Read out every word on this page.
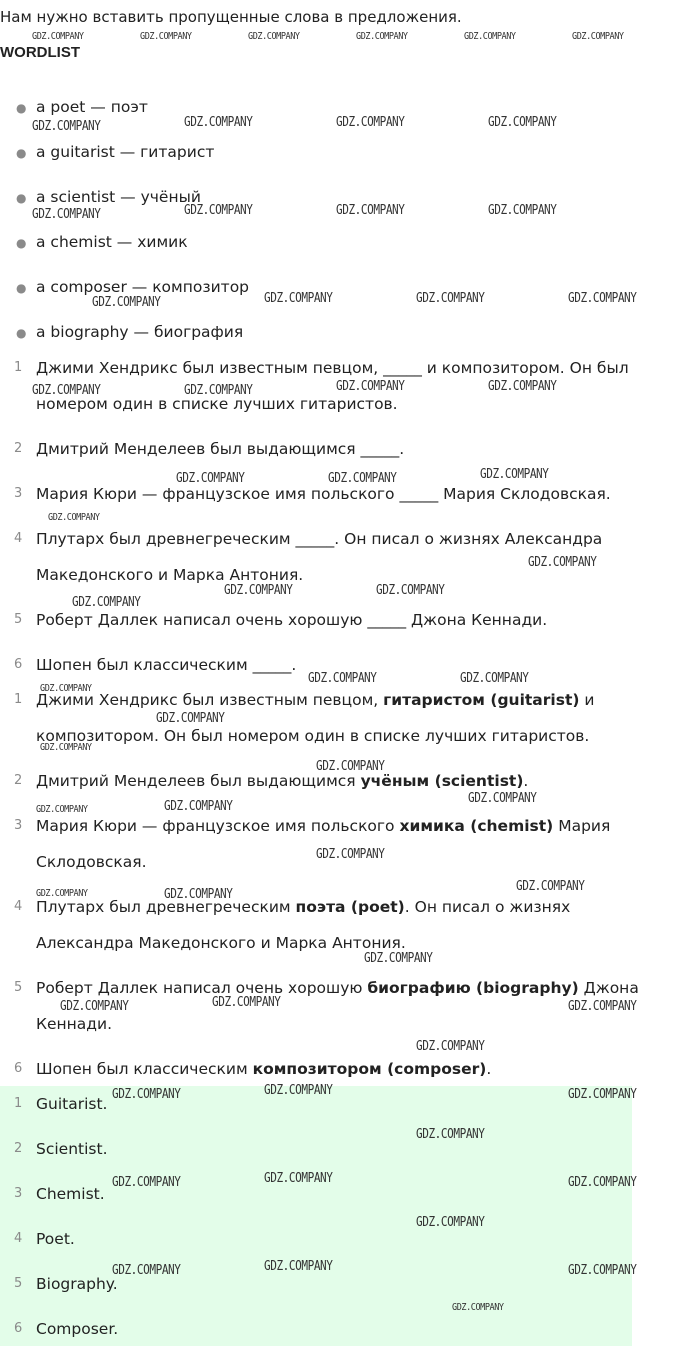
Нам нужно вставить пропущенные слова в предложения.
WORDLIST
● a poet — поэт
● a guitarist — гитарист
● a scientist — учёный
● a chemist — химик
● a composer — композитор
● a biography — биография
1 Джими Хендрикс был известным певцом, _____ и композитором. Он был
номером один в списке лучших гитаристов.
2 Дмитрий Менделеев был выдающимся _____.
3 Мария Кюри — французское имя польского _____ Мария Склодовская.
4 Плутарх был древнегреческим _____. Он писал о жизнях Александра
Македонского и Марка Антония.
5 Роберт Даллек написал очень хорошую _____ Джона Кеннади.
6 Шопен был классическим _____.
1 Джими Хендрикс был известным певцом, гитаристом (guitarist) и
композитором. Он был номером один в списке лучших гитаристов.
2 Дмитрий Менделеев был выдающимся учёным (scientist).
3 Мария Кюри — французское имя польского химика (chemist) Мария
Склодовская.
4 Плутарх был древнегреческим поэта (poet). Он писал о жизнях
Александра Македонского и Марка Антония.
5 Роберт Даллек написал очень хорошую биографию (biography) Джона
Кеннади.
6 Шопен был классическим композитором (composer).
1 Guitarist.
2 Scientist.
3 Chemist.
4 Poet.
5 Biography.
6 Composer.
GDZ.COMPANY	GDZ.COMPANY	GDZ.COMPANY	GDZ.COMPANY	GDZ.COMPANY	GDZ.COMPANY
GDZ.COMPANY	GDZ.COMPANY	GDZ.COMPANY	GDZ.COMPANY
GDZ.COMPANY	GDZ.COMPANY	GDZ.COMPANY	GDZ.COMPANY
GDZ.COMPANY	GDZ.COMPANY	GDZ.COMPANY	GDZ.COMPANY
GDZ.COMPANY	GDZ.COMPANY	GDZ.COMPANY	GDZ.COMPANY
GDZ.COMPANY	GDZ.COMPANY	GDZ.COMPANY
GDZ.COMPANY
GDZ.COMPANY
GDZ.COMPANY
GDZ.COMPANY	GDZ.COMPANY
GDZ.COMPANY	GDZ.COMPANY
GDZ.COMPANY
GDZ.COMPANY
GDZ.COMPANY
GDZ.COMPANY
GDZ.COMPANY
GDZ.COMPANY	GDZ.COMPANY
GDZ.COMPANY
GDZ.COMPANY
GDZ.COMPANY	GDZ.COMPANY
GDZ.COMPANY
GDZ.COMPANY	GDZ.COMPANY	GDZ.COMPANY
GDZ.COMPANY
GDZ.COMPANY	GDZ.COMPANY	GDZ.COMPANY
GDZ.COMPANY
GDZ.COMPANY	GDZ.COMPANY	GDZ.COMPANY
GDZ.COMPANY
GDZ.COMPANY	GDZ.COMPANY	GDZ.COMPANY
GDZ.COMPANY
